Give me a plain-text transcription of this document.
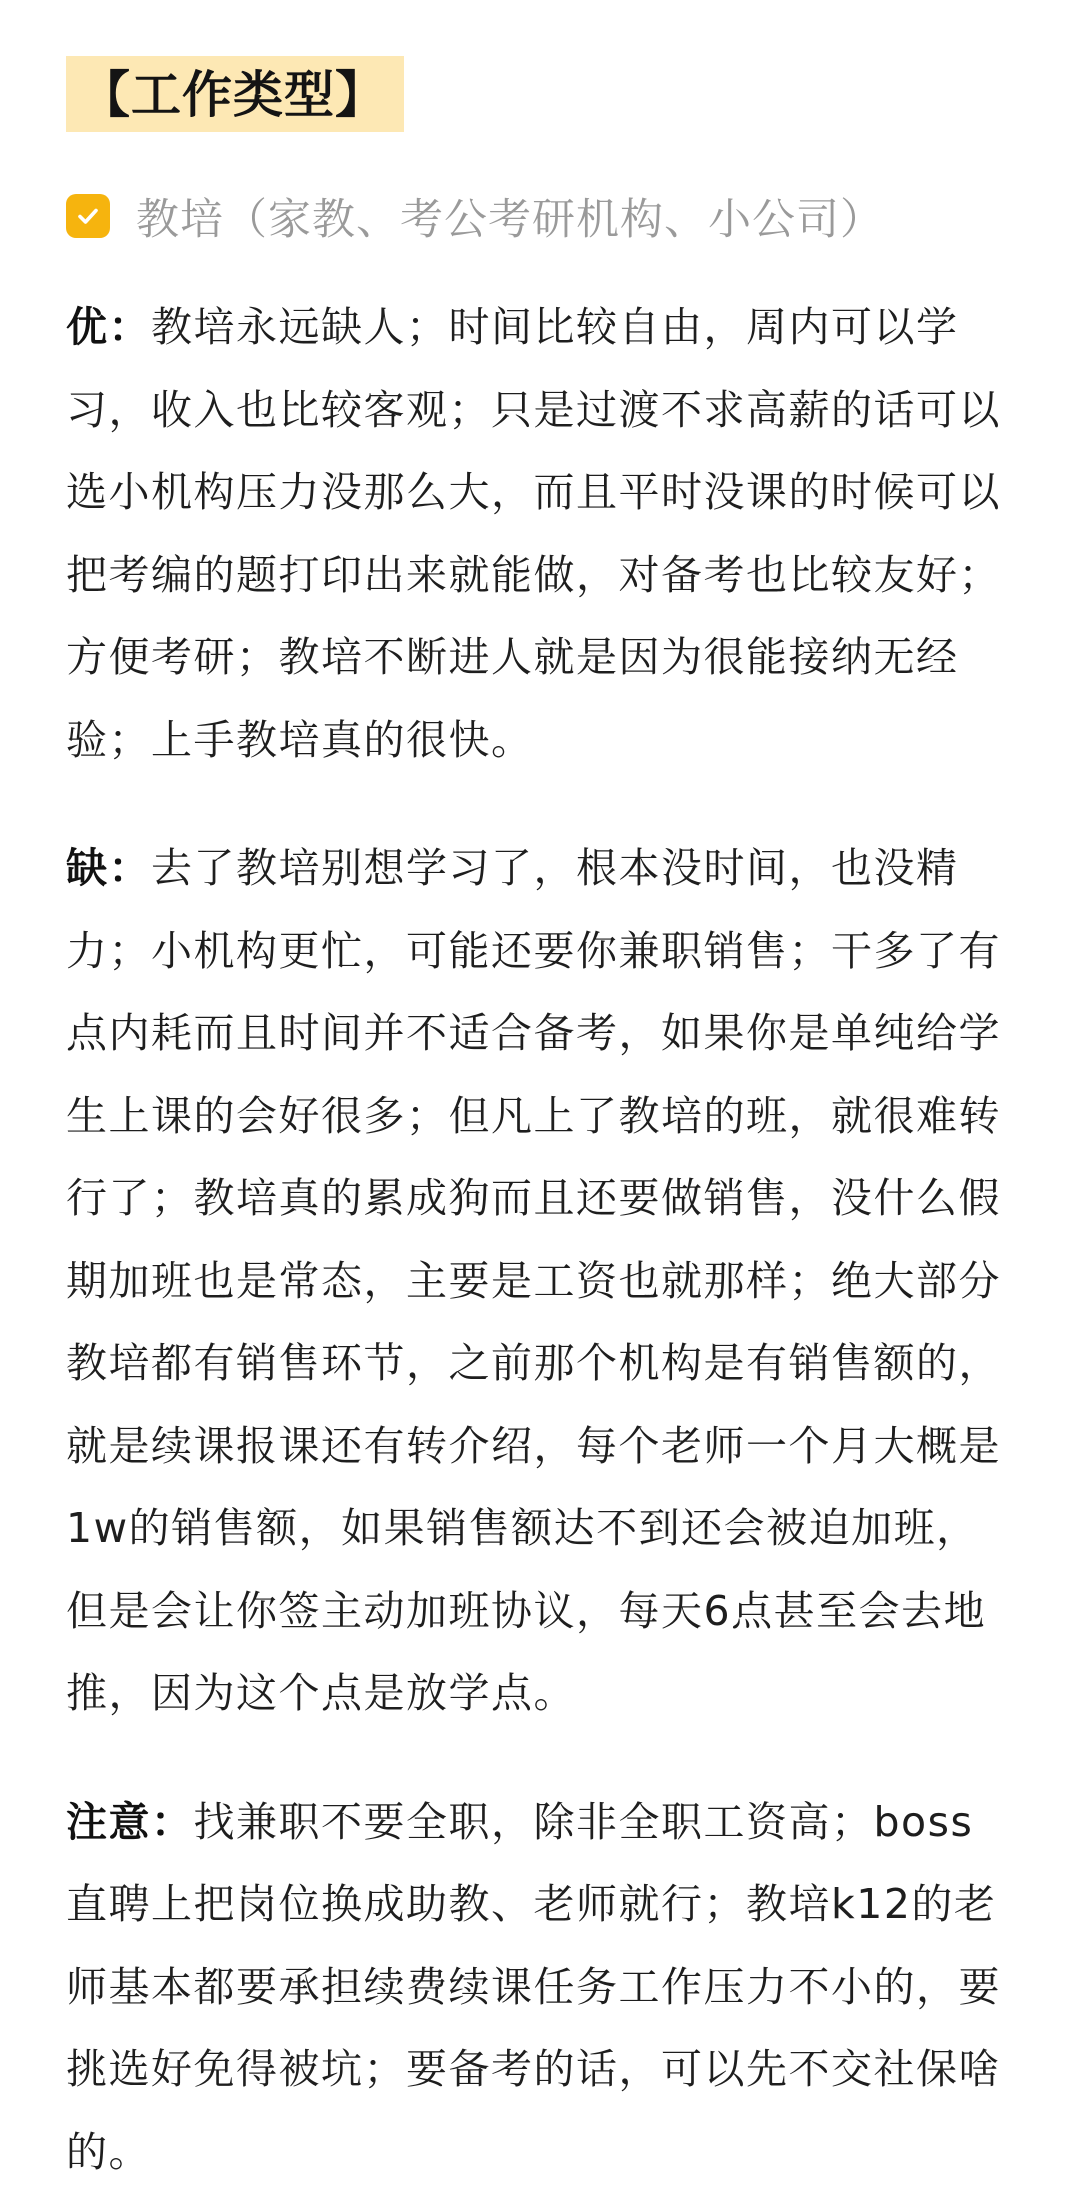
【工作类型】
教培（家教、考公考研机构、小公司）
优：教培永远缺人；时间比较自由，周内可以学习，收入也比较客观；只是过渡不求高薪的话可以选小机构压力没那么大，而且平时没课的时候可以把考编的题打印出来就能做，对备考也比较友好；方便考研；教培不断进人就是因为很能接纳无经验；上手教培真的很快。
缺：去了教培别想学习了，根本没时间，也没精力；小机构更忙，可能还要你兼职销售；干多了有点内耗而且时间并不适合备考，如果你是单纯给学生上课的会好很多；但凡上了教培的班，就很难转行了；教培真的累成狗而且还要做销售，没什么假期加班也是常态，主要是工资也就那样；绝大部分教培都有销售环节，之前那个机构是有销售额的，就是续课报课还有转介绍，每个老师一个月大概是1w的销售额，如果销售额达不到还会被迫加班，但是会让你签主动加班协议，每天6点甚至会去地推，因为这个点是放学点。
注意：找兼职不要全职，除非全职工资高；boss直聘上把岗位换成助教、老师就行；教培k12的老师基本都要承担续费续课任务工作压力不小的，要挑选好免得被坑；要备考的话，可以先不交社保啥的。
